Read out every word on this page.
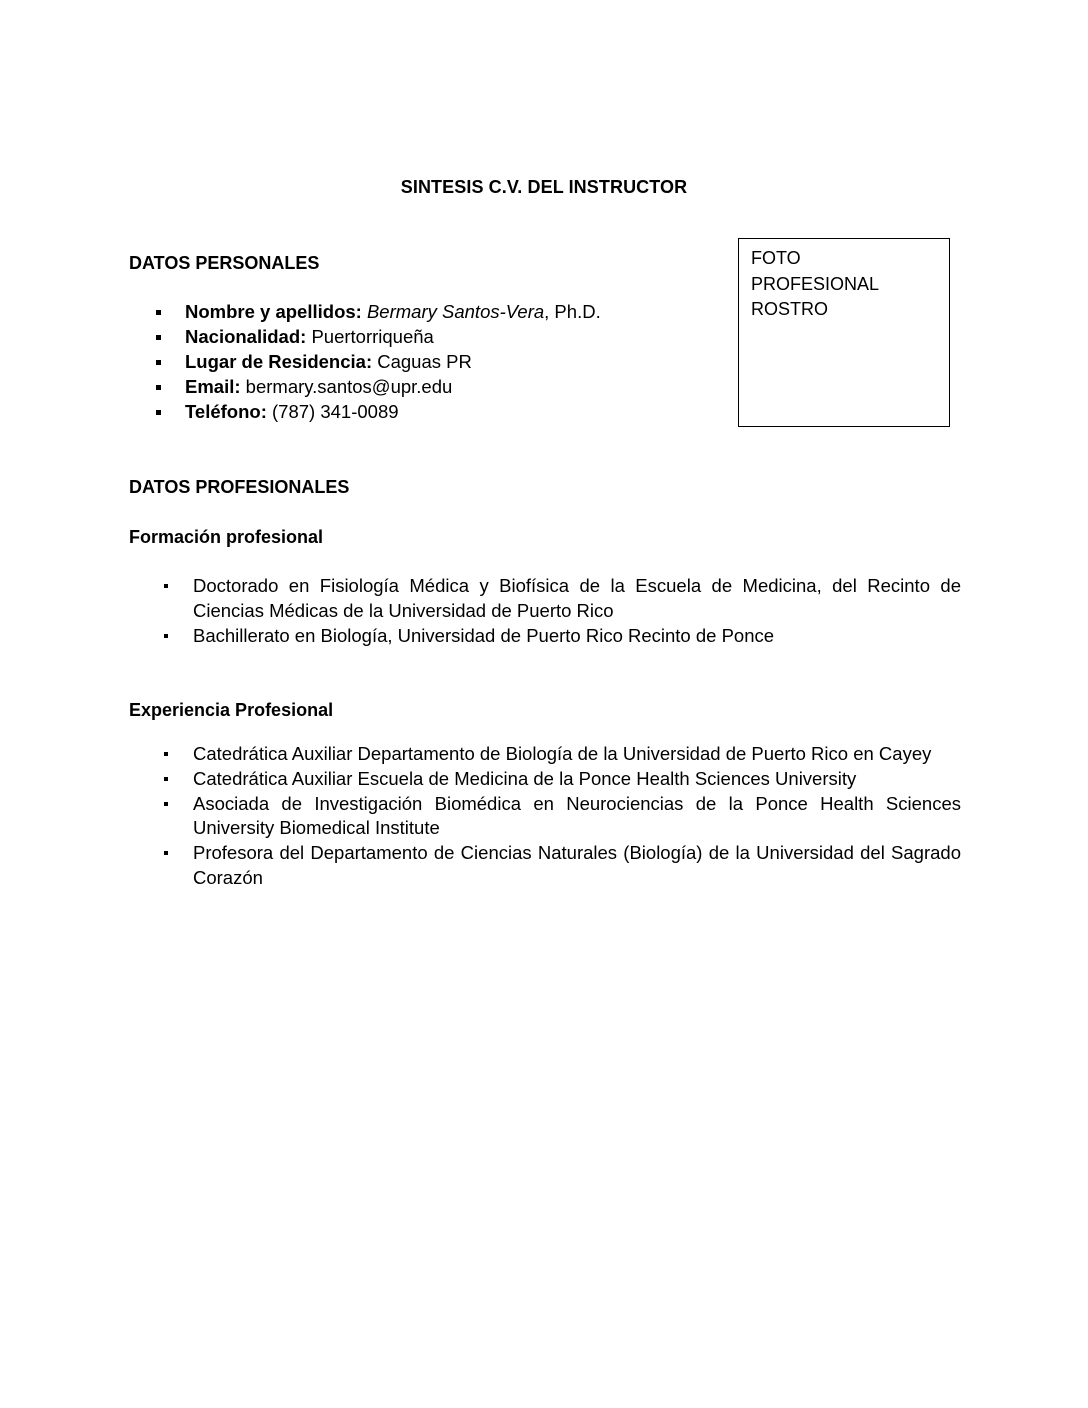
SINTESIS C.V. DEL INSTRUCTOR
DATOS PERSONALES
Nombre y apellidos: Bermary Santos-Vera, Ph.D.
Nacionalidad: Puertorriqueña
Lugar de Residencia: Caguas PR
Email: bermary.santos@upr.edu
Teléfono: (787) 341-0089
FOTO
PROFESIONAL
ROSTRO
DATOS PROFESIONALES
Formación profesional
Doctorado en Fisiología Médica y Biofísica de la Escuela de Medicina, del Recinto de Ciencias Médicas de la Universidad de Puerto Rico
Bachillerato en Biología, Universidad de Puerto Rico Recinto de Ponce
Experiencia Profesional
Catedrática Auxiliar Departamento de Biología de la Universidad de Puerto Rico en Cayey
Catedrática Auxiliar Escuela de Medicina de la Ponce Health Sciences University
Asociada de Investigación Biomédica en Neurociencias de la Ponce Health Sciences University Biomedical Institute
Profesora del Departamento de Ciencias Naturales (Biología) de la Universidad del Sagrado Corazón
